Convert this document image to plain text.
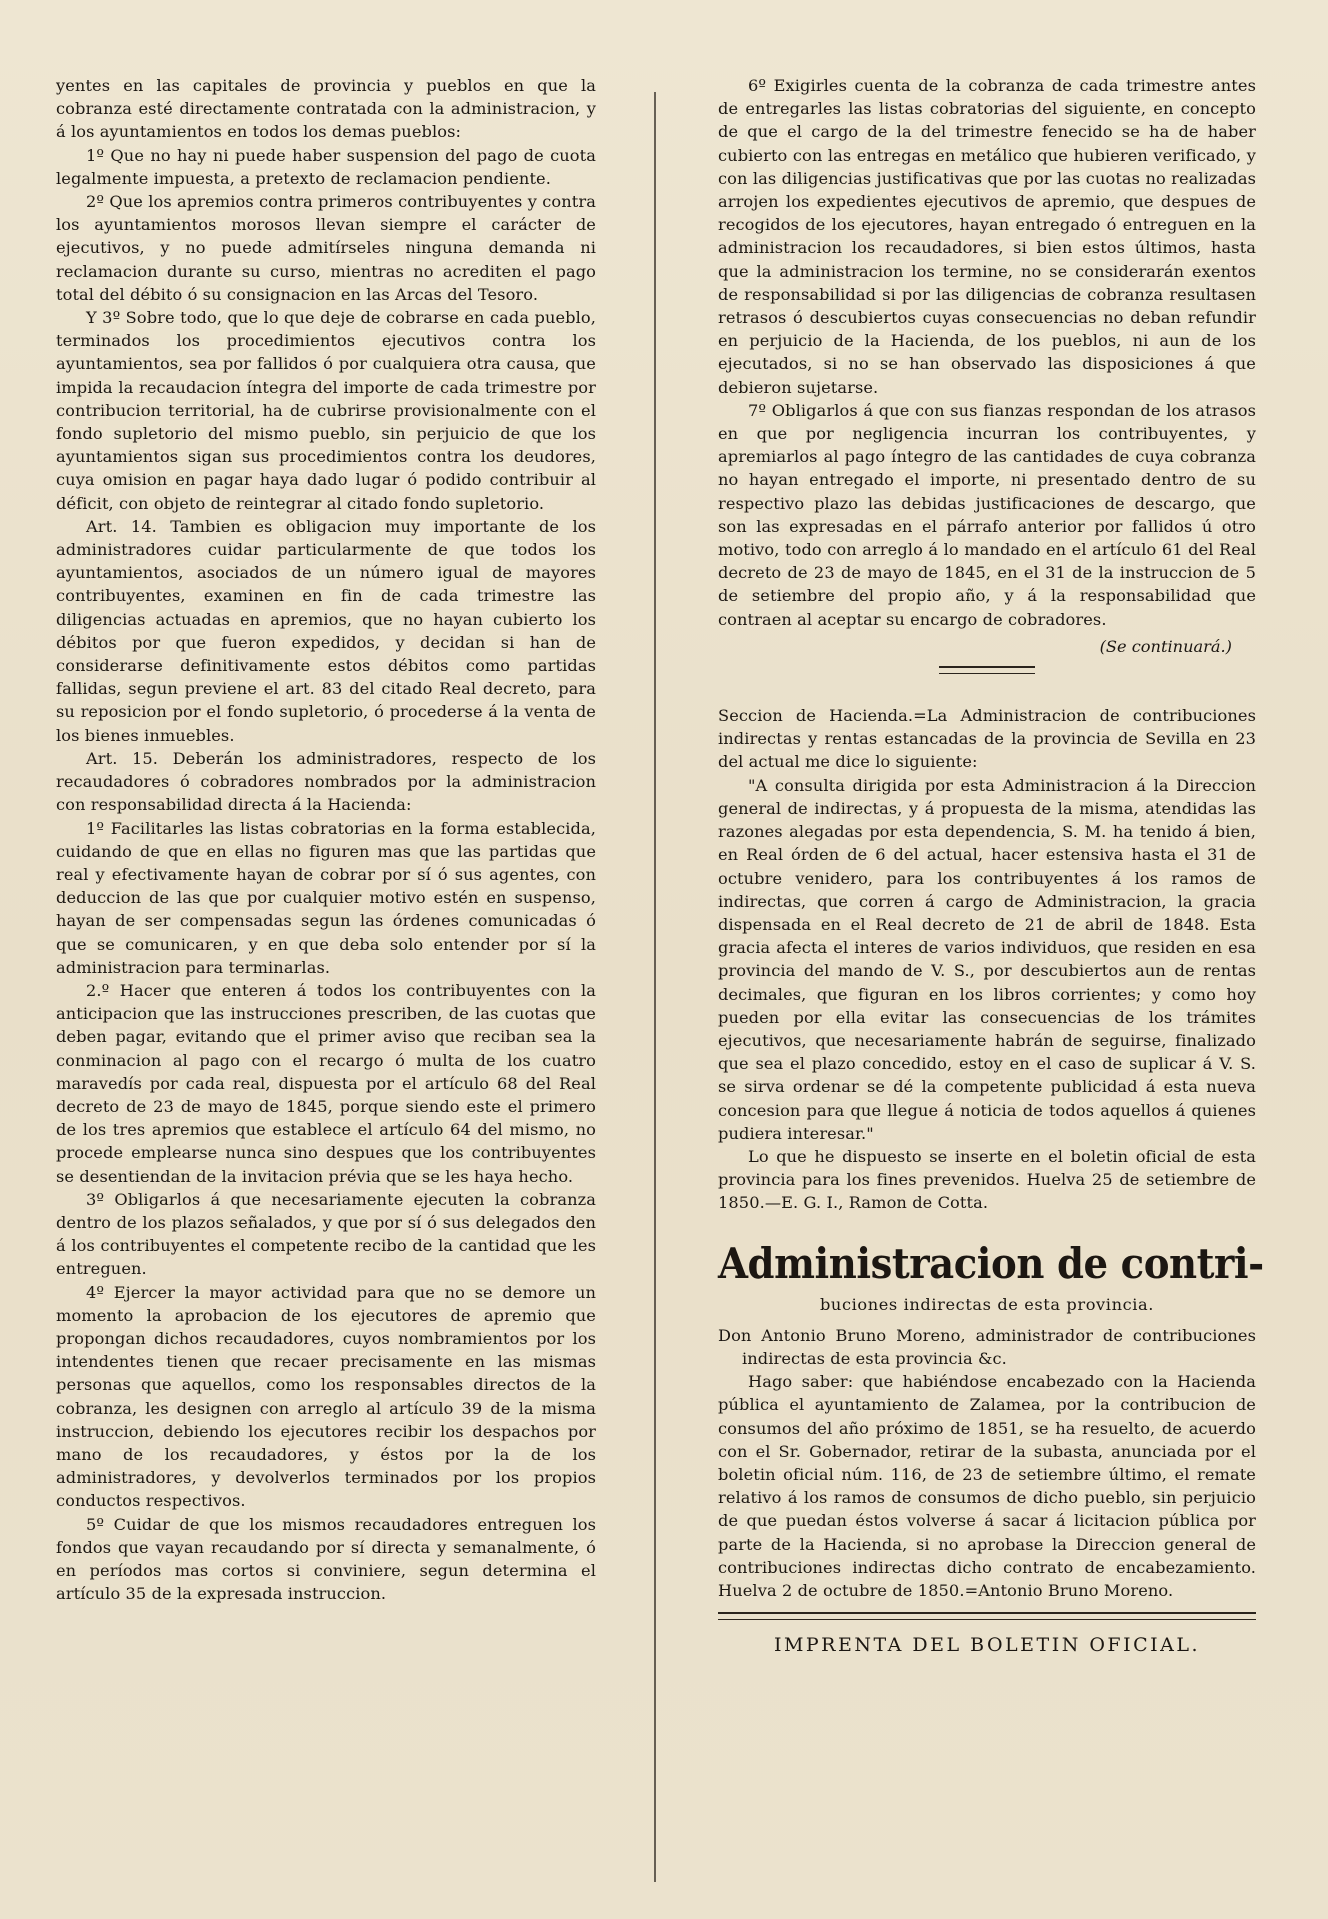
yentes en las capitales de provincia y pueblos en que la cobranza esté directamente contratada con la administracion, y á los ayuntamientos en todos los demas pueblos:

1º Que no hay ni puede haber suspension del pago de cuota legalmente impuesta, a pretexto de reclamacion pendiente.

2º Que los apremios contra primeros contribuyentes y contra los ayuntamientos morosos llevan siempre el carácter de ejecutivos, y no puede admitírseles ninguna demanda ni reclamacion durante su curso, mientras no acrediten el pago total del débito ó su consignacion en las Arcas del Tesoro.

Y 3º Sobre todo, que lo que deje de cobrarse en cada pueblo, terminados los procedimientos ejecutivos contra los ayuntamientos, sea por fallidos ó por cualquiera otra causa, que impida la recaudacion íntegra del importe de cada trimestre por contribucion territorial, ha de cubrirse provisionalmente con el fondo supletorio del mismo pueblo, sin perjuicio de que los ayuntamientos sigan sus procedimientos contra los deudores, cuya omision en pagar haya dado lugar ó podido contribuir al déficit, con objeto de reintegrar al citado fondo supletorio.

Art. 14. Tambien es obligacion muy importante de los administradores cuidar particularmente de que todos los ayuntamientos, asociados de un número igual de mayores contribuyentes, examinen en fin de cada trimestre las diligencias actuadas en apremios, que no hayan cubierto los débitos por que fueron expedidos, y decidan si han de considerarse definitivamente estos débitos como partidas fallidas, segun previene el art. 83 del citado Real decreto, para su reposicion por el fondo supletorio, ó procederse á la venta de los bienes inmuebles.

Art. 15. Deberán los administradores, respecto de los recaudadores ó cobradores nombrados por la administracion con responsabilidad directa á la Hacienda:

1º Facilitarles las listas cobratorias en la forma establecida, cuidando de que en ellas no figuren mas que las partidas que real y efectivamente hayan de cobrar por sí ó sus agentes, con deduccion de las que por cualquier motivo estén en suspenso, hayan de ser compensadas segun las órdenes comunicadas ó que se comunicaren, y en que deba solo entender por sí la administracion para terminarlas.

2.º Hacer que enteren á todos los contribuyentes con la anticipacion que las instrucciones prescriben, de las cuotas que deben pagar, evitando que el primer aviso que reciban sea la conminacion al pago con el recargo ó multa de los cuatro maravedís por cada real, dispuesta por el artículo 68 del Real decreto de 23 de mayo de 1845, porque siendo este el primero de los tres apremios que establece el artículo 64 del mismo, no procede emplearse nunca sino despues que los contribuyentes se desentiendan de la invitacion prévia que se les haya hecho.

3º Obligarlos á que necesariamente ejecuten la cobranza dentro de los plazos señalados, y que por sí ó sus delegados den á los contribuyentes el competente recibo de la cantidad que les entreguen.

4º Ejercer la mayor actividad para que no se demore un momento la aprobacion de los ejecutores de apremio que propongan dichos recaudadores, cuyos nombramientos por los intendentes tienen que recaer precisamente en las mismas personas que aquellos, como los responsables directos de la cobranza, les designen con arreglo al artículo 39 de la misma instruccion, debiendo los ejecutores recibir los despachos por mano de los recaudadores, y éstos por la de los administradores, y devolverlos terminados por los propios conductos respectivos.

5º Cuidar de que los mismos recaudadores entreguen los fondos que vayan recaudando por sí directa y semanalmente, ó en períodos mas cortos si conviniere, segun determina el artículo 35 de la expresada instruccion.

6º Exigirles cuenta de la cobranza de cada trimestre antes de entregarles las listas cobratorias del siguiente, en concepto de que el cargo de la del trimestre fenecido se ha de haber cubierto con las entregas en metálico que hubieren verificado, y con las diligencias justificativas que por las cuotas no realizadas arrojen los expedientes ejecutivos de apremio, que despues de recogidos de los ejecutores, hayan entregado ó entreguen en la administracion los recaudadores, si bien estos últimos, hasta que la administracion los termine, no se considerarán exentos de responsabilidad si por las diligencias de cobranza resultasen retrasos ó descubiertos cuyas consecuencias no deban refundir en perjuicio de la Hacienda, de los pueblos, ni aun de los ejecutados, si no se han observado las disposiciones á que debieron sujetarse.

7º Obligarlos á que con sus fianzas respondan de los atrasos en que por negligencia incurran los contribuyentes, y apremiarlos al pago íntegro de las cantidades de cuya cobranza no hayan entregado el importe, ni presentado dentro de su respectivo plazo las debidas justificaciones de descargo, que son las expresadas en el párrafo anterior por fallidos ú otro motivo, todo con arreglo á lo mandado en el artículo 61 del Real decreto de 23 de mayo de 1845, en el 31 de la instruccion de 5 de setiembre del propio año, y á la responsabilidad que contraen al aceptar su encargo de cobradores.

(Se continuará.)

Seccion de Hacienda.=La Administracion de contribuciones indirectas y rentas estancadas de la provincia de Sevilla en 23 del actual me dice lo siguiente:

"A consulta dirigida por esta Administracion á la Direccion general de indirectas, y á propuesta de la misma, atendidas las razones alegadas por esta dependencia, S. M. ha tenido á bien, en Real órden de 6 del actual, hacer estensiva hasta el 31 de octubre venidero, para los contribuyentes á los ramos de indirectas, que corren á cargo de Administracion, la gracia dispensada en el Real decreto de 21 de abril de 1848. Esta gracia afecta el interes de varios individuos, que residen en esa provincia del mando de V. S., por descubiertos aun de rentas decimales, que figuran en los libros corrientes; y como hoy pueden por ella evitar las consecuencias de los trámites ejecutivos, que necesariamente habrán de seguirse, finalizado que sea el plazo concedido, estoy en el caso de suplicar á V. S. se sirva ordenar se dé la competente publicidad á esta nueva concesion para que llegue á noticia de todos aquellos á quienes pudiera interesar."

Lo que he dispuesto se inserte en el boletin oficial de esta provincia para los fines prevenidos. Huelva 25 de setiembre de 1850.—E. G. I., Ramon de Cotta.

Administracion de contri-
buciones indirectas de esta provincia.

Don Antonio Bruno Moreno, administrador de contribuciones indirectas de esta provincia &c.

Hago saber: que habiéndose encabezado con la Hacienda pública el ayuntamiento de Zalamea, por la contribucion de consumos del año próximo de 1851, se ha resuelto, de acuerdo con el Sr. Gobernador, retirar de la subasta, anunciada por el boletin oficial núm. 116, de 23 de setiembre último, el remate relativo á los ramos de consumos de dicho pueblo, sin perjuicio de que puedan éstos volverse á sacar á licitacion pública por parte de la Hacienda, si no aprobase la Direccion general de contribuciones indirectas dicho contrato de encabezamiento. Huelva 2 de octubre de 1850.=Antonio Bruno Moreno.

IMPRENTA DEL BOLETIN OFICIAL.
